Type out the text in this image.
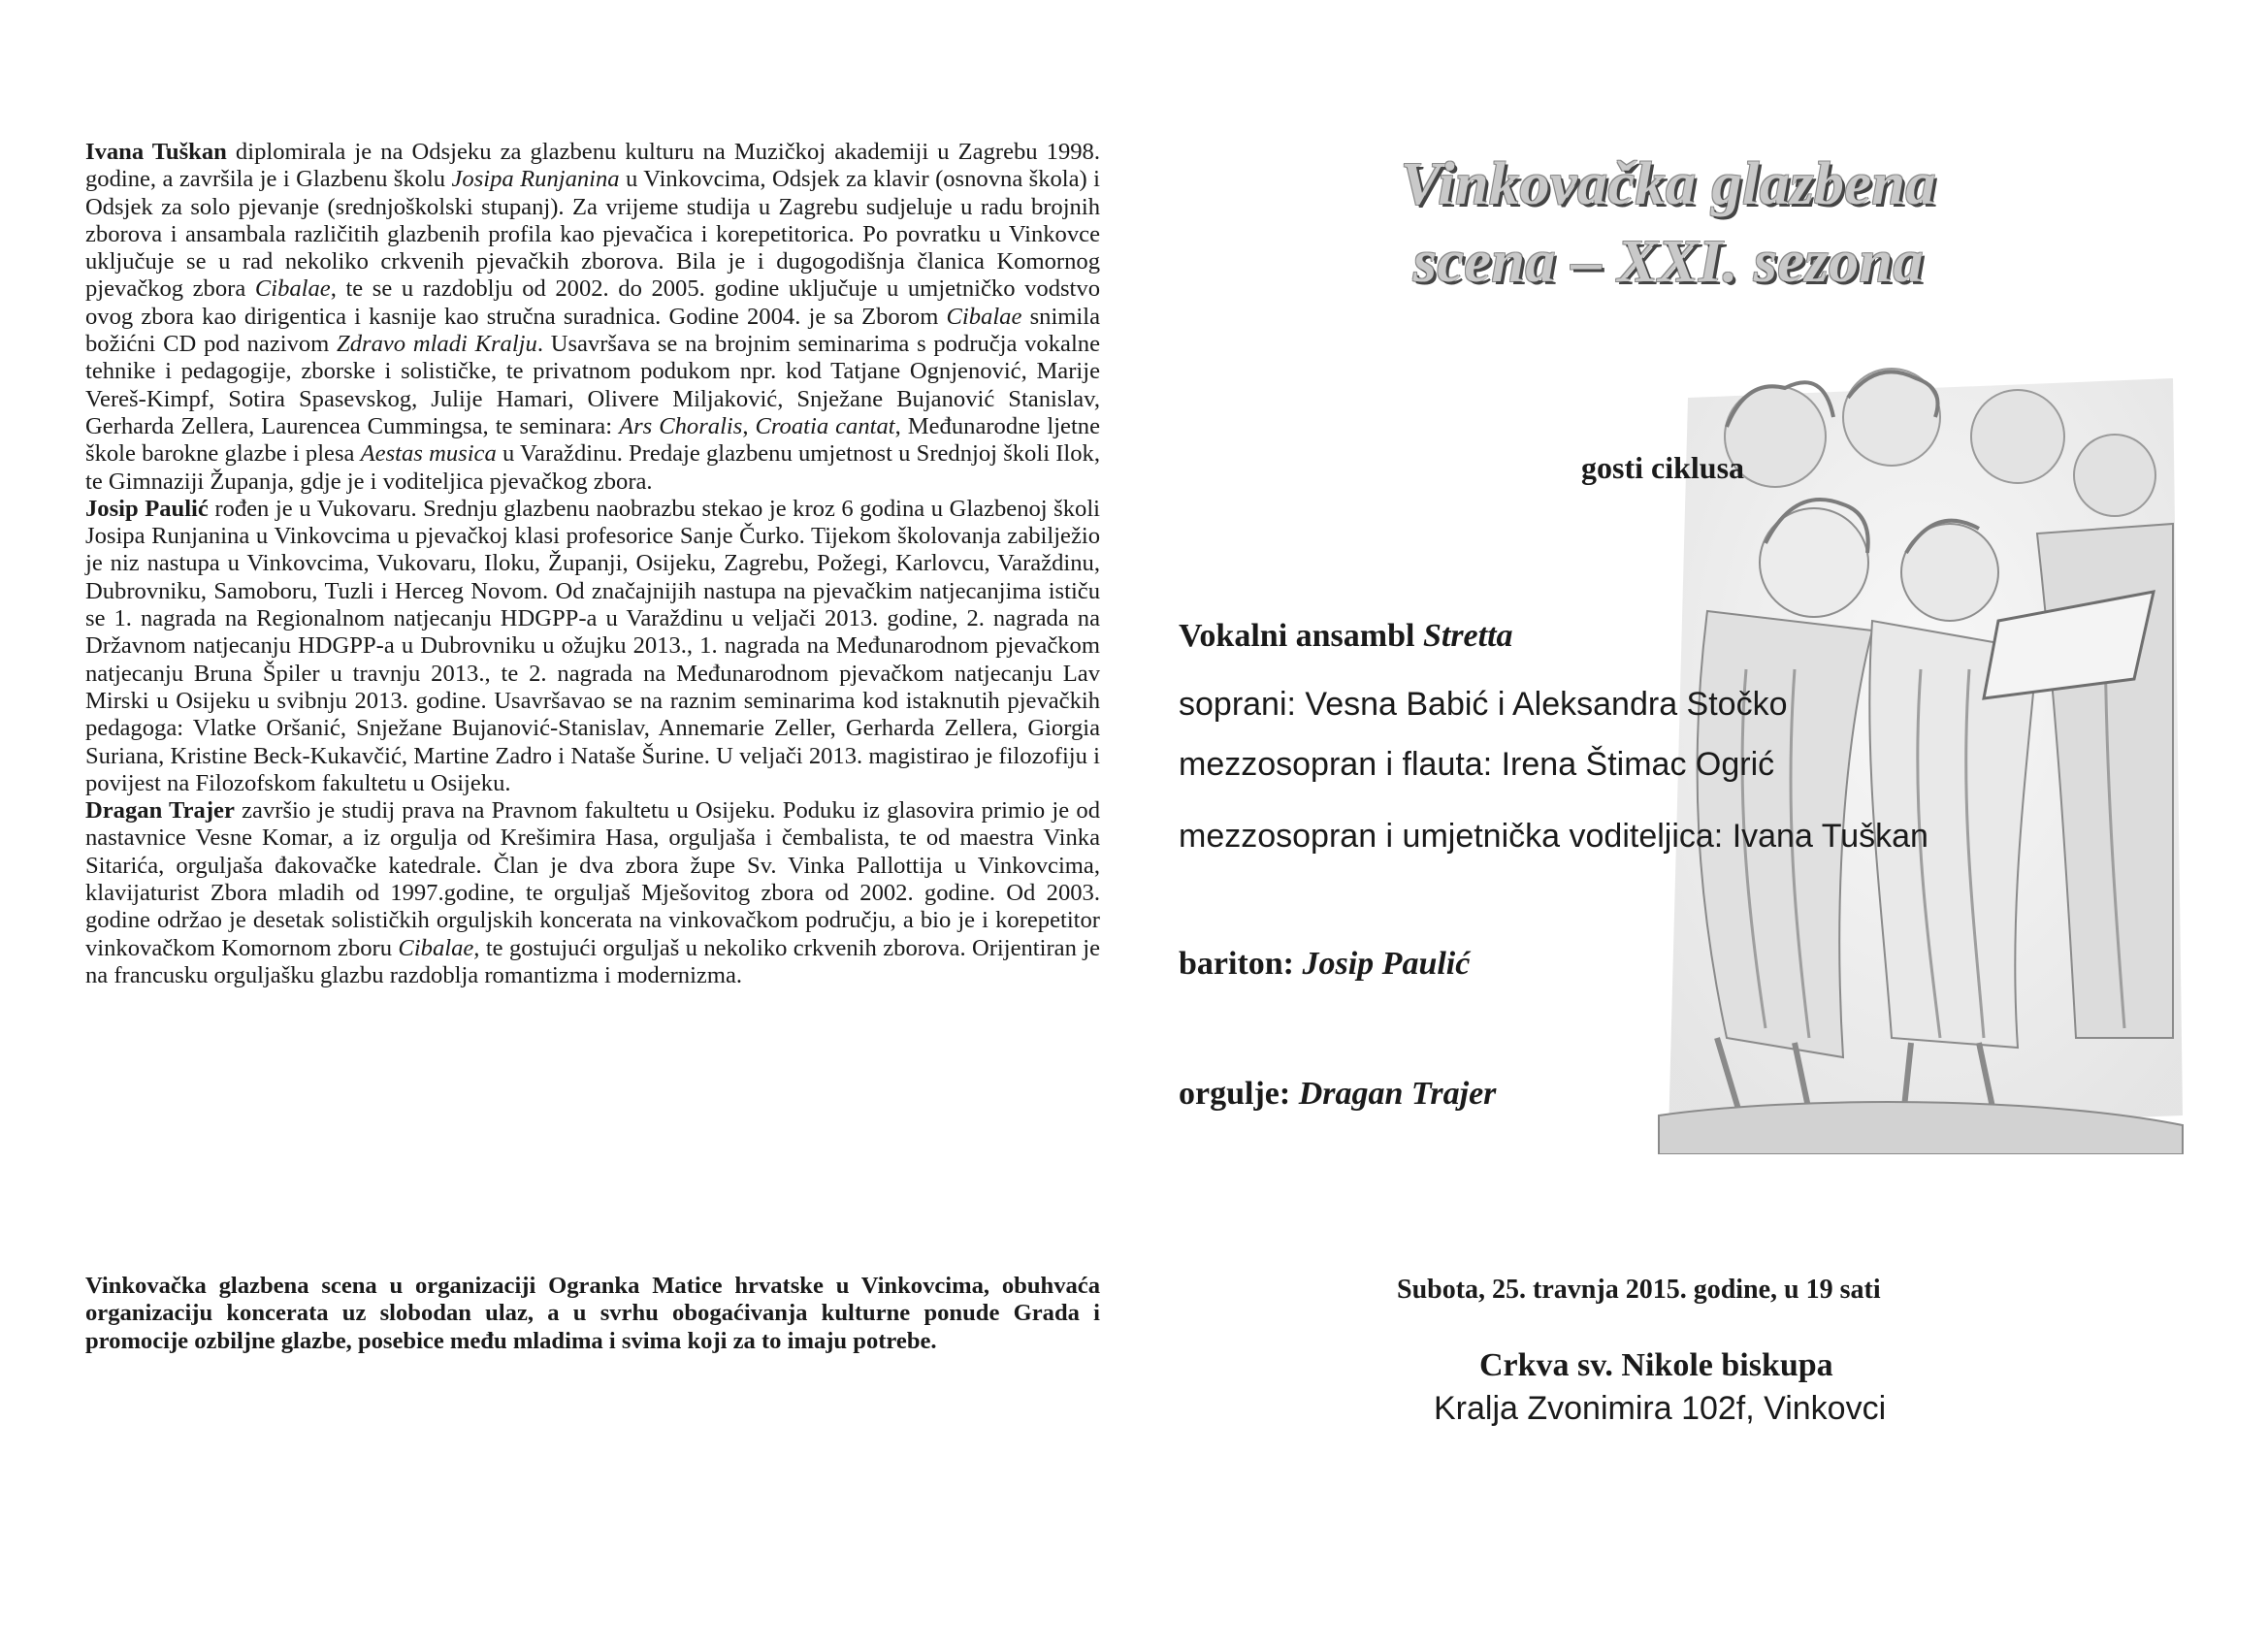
Ivana Tuškan diplomirala je na Odsjeku za glazbenu kulturu na Muzičkoj akademiji u Zagrebu 1998. godine, a završila je i Glazbenu školu Josipa Runjanina u Vinkovcima, Odsjek za klavir (osnovna škola) i Odsjek za solo pjevanje (srednjoškolski stupanj). Za vrijeme studija u Zagrebu sudjeluje u radu brojnih zborova i ansambala različitih glazbenih profila kao pjevačica i korepetitorica. Po povratku u Vinkovce uključuje se u rad nekoliko crkvenih pjevačkih zborova. Bila je i dugogodišnja članica Komornog pjevačkog zbora Cibalae, te se u razdoblju od 2002. do 2005. godine uključuje u umjetničko vodstvo ovog zbora kao dirigentica i kasnije kao stručna suradnica. Godine 2004. je sa Zborom Cibalae snimila božićni CD pod nazivom Zdravo mladi Kralju. Usavršava se na brojnim seminarima s područja vokalne tehnike i pedagogije, zborske i solističke, te privatnom podukom npr. kod Tatjane Ognjenović, Marije Vereš-Kimpf, Sotira Spasevskog, Julije Hamari, Olivere Miljaković, Snježane Bujanović Stanislav, Gerharda Zellera, Laurencea Cummingsa, te seminara: Ars Choralis, Croatia cantat, Međunarodne ljetne škole barokne glazbe i plesa Aestas musica u Varaždinu. Predaje glazbenu umjetnost u Srednjoj školi Ilok, te Gimnaziji Županja, gdje je i voditeljica pjevačkog zbora.

Josip Paulić rođen je u Vukovaru. Srednju glazbenu naobrazbu stekao je kroz 6 godina u Glazbenoj školi Josipa Runjanina u Vinkovcima u pjevačkoj klasi profesorice Sanje Čurko. Tijekom školovanja zabilježio je niz nastupa u Vinkovcima, Vukovaru, Iloku, Županji, Osijeku, Zagrebu, Požegi, Karlovcu, Varaždinu, Dubrovniku, Samoboru, Tuzli i Herceg Novom. Od značajnijih nastupa na pjevačkim natjecanjima ističu se 1. nagrada na Regionalnom natjecanju HDGPP-a u Varaždinu u veljači 2013. godine, 2. nagrada na Državnom natjecanju HDGPP-a u Dubrovniku u ožujku 2013., 1. nagrada na Međunarodnom pjevačkom natjecanju Bruna Špiler u travnju 2013., te 2. nagrada na Međunarodnom pjevačkom natjecanju Lav Mirski u Osijeku u svibnju 2013. godine. Usavršavao se na raznim seminarima kod istaknutih pjevačkih pedagoga: Vlatke Oršanić, Snježane Bujanović-Stanislav, Annemarie Zeller, Gerharda Zellera, Giorgia Suriana, Kristine Beck-Kukavčić, Martine Zadro i Nataše Šurine. U veljači 2013. magistirao je filozofiju i povijest na Filozofskom fakultetu u Osijeku.

Dragan Trajer završio je studij prava na Pravnom fakultetu u Osijeku. Poduku iz glasovira primio je od nastavnice Vesne Komar, a iz orgulja od Krešimira Hasa, orguljaša i čembalista, te od maestra Vinka Sitarića, orguljaša đakovačke katedrale. Član je dva zbora župe Sv. Vinka Pallottija u Vinkovcima, klavijaturist Zbora mladih od 1997.godine, te orguljaš Mješovitog zbora od 2002. godine. Od 2003. godine održao je desetak solističkih orguljskih koncerata na vinkovačkom području, a bio je i korepetitor vinkovačkom Komornom zboru Cibalae, te gostujući orguljaš u nekoliko crkvenih zborova. Orijentiran je na francusku orguljašku glazbu razdoblja romantizma i modernizma.

Vinkovačka glazbena scena u organizaciji Ogranka Matice hrvatske u Vinkovcima, obuhvaća organizaciju koncerata uz slobodan ulaz, a u svrhu obogaćivanja kulturne ponude Grada i promocije ozbiljne glazbe, posebice među mladima i svima koji za to imaju potrebe.
Vinkovačka glazbena
scena – XXI. sezona
gosti ciklusa
Vokalni ansambl Stretta
soprani: Vesna Babić i Aleksandra Stočko
mezzosopran i flauta: Irena Štimac Ogrić
mezzosopran i umjetnička voditeljica: Ivana Tuškan
bariton: Josip Paulić
orgulje: Dragan Trajer
Subota, 25. travnja 2015. godine, u 19 sati
Crkva sv. Nikole biskupa
Kralja Zvonimira 102f, Vinkovci
